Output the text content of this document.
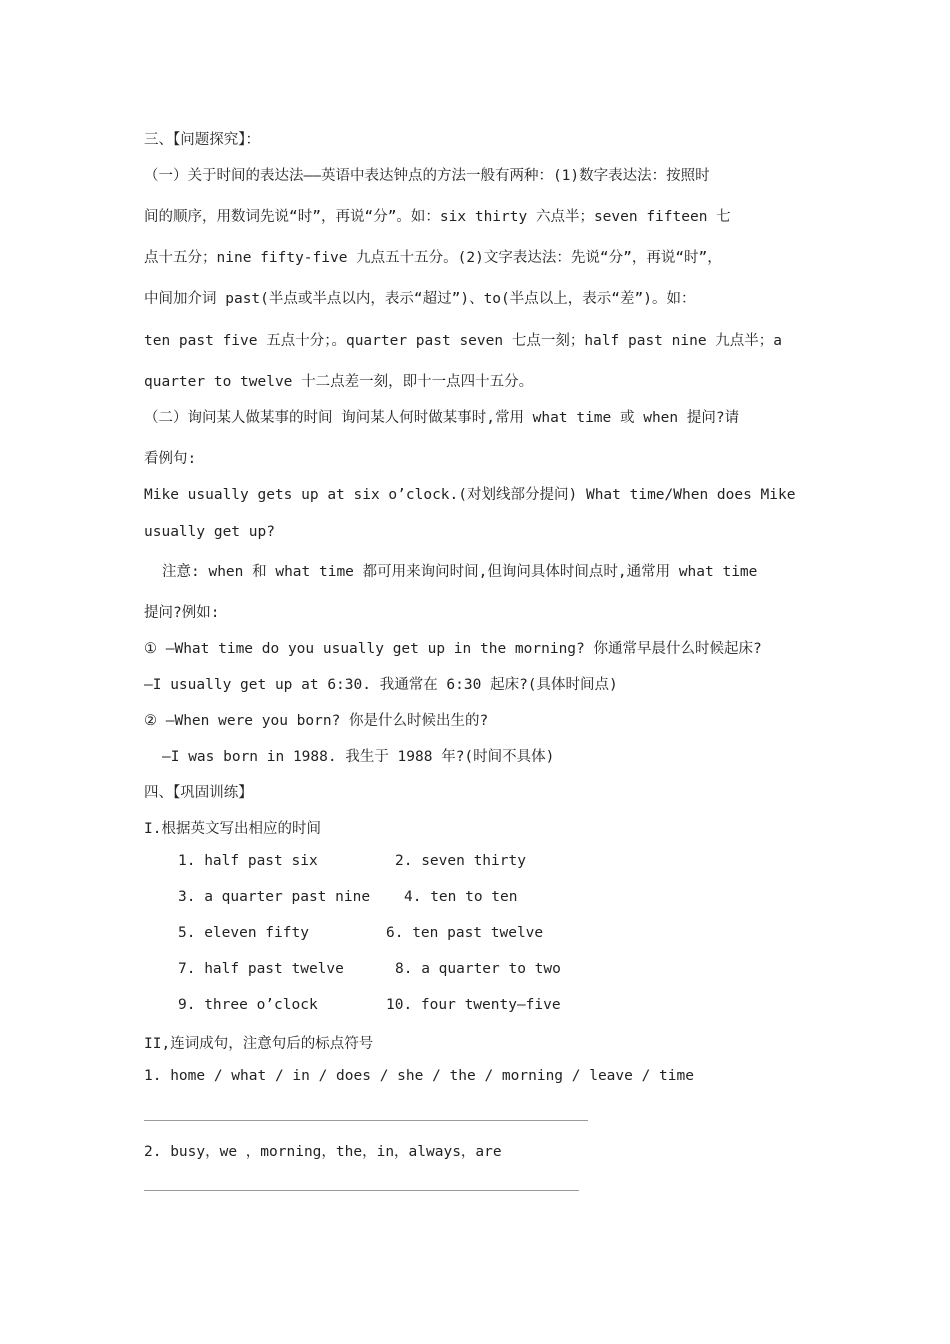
三、【问题探究】：
（一）关于时间的表达法——英语中表达钟点的方法一般有两种：(1)数字表达法：按照时
间的顺序，用数词先说“时”，再说“分”。如：six thirty 六点半；seven fifteen 七
点十五分；nine fifty-five 九点五十五分。(2)文字表达法：先说“分”，再说“时”，
中间加介词 past(半点或半点以内，表示“超过”)、to(半点以上，表示“差”)。如：
ten past five 五点十分；。quarter past seven 七点一刻；half past nine 九点半；a
quarter to twelve 十二点差一刻，即十一点四十五分。
（二）询问某人做某事的时间 询问某人何时做某事时,常用 what time 或 when 提问?请
看例句:
Mike usually gets up at six o’clock.(对划线部分提问) What time/When does Mike
usually get up?
注意: when 和 what time 都可用来询问时间,但询问具体时间点时,通常用 what time
提问?例如:
① —What time do you usually get up in the morning? 你通常早晨什么时候起床?
—I usually get up at 6:30. 我通常在 6:30 起床?(具体时间点)
② —When were you born? 你是什么时候出生的?
—I was born in 1988. 我生于 1988 年?(时间不具体)
四、【巩固训练】
I.根据英文写出相应的时间
1. half past six	2. seven thirty
3. a quarter past nine 4. ten to ten
5. eleven fifty	6. ten past twelve
7. half past twelve	8. a quarter to two
9. three o’clock	10. four twenty—five
II,连词成句，注意句后的标点符号
1. home / what / in / does / she / the / morning / leave / time
2. busy，we ，morning，the，in，always，are
